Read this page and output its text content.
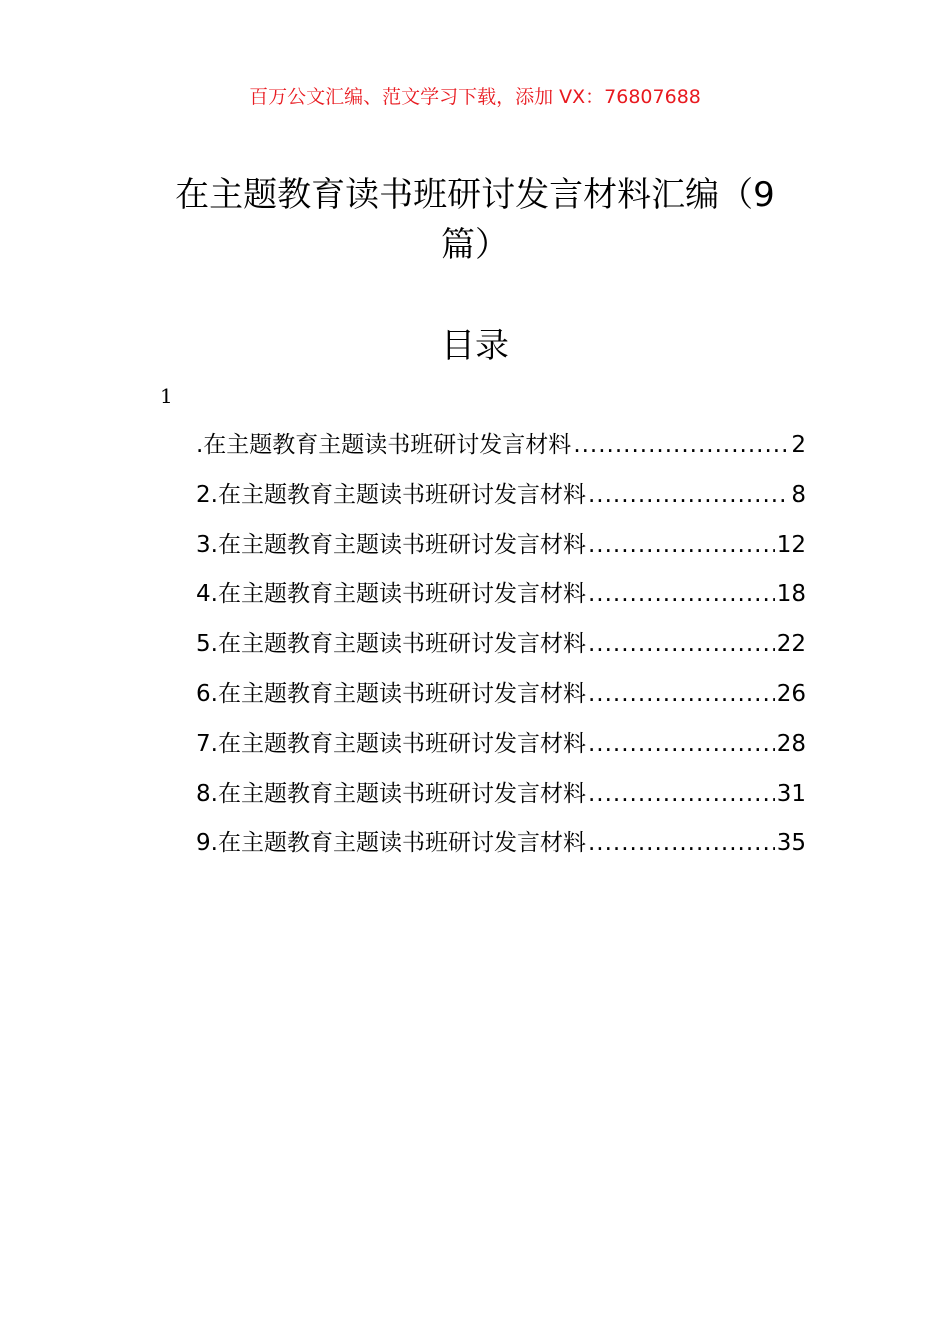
百万公文汇编、范文学习下载，添加 VX：76807688
在主题教育读书班研讨发言材料汇编（9篇）
目录
1
.在主题教育主题读书班研讨发言材料 .....	2
2.在主题教育主题读书班研讨发言材料 .....	8
3.在主题教育主题读书班研讨发言材料 .....	12
4.在主题教育主题读书班研讨发言材料 .....	18
5.在主题教育主题读书班研讨发言材料 .....	22
6.在主题教育主题读书班研讨发言材料 .....	26
7.在主题教育主题读书班研讨发言材料 .....	28
8.在主题教育主题读书班研讨发言材料 .....	31
9.在主题教育主题读书班研讨发言材料 .....	35
